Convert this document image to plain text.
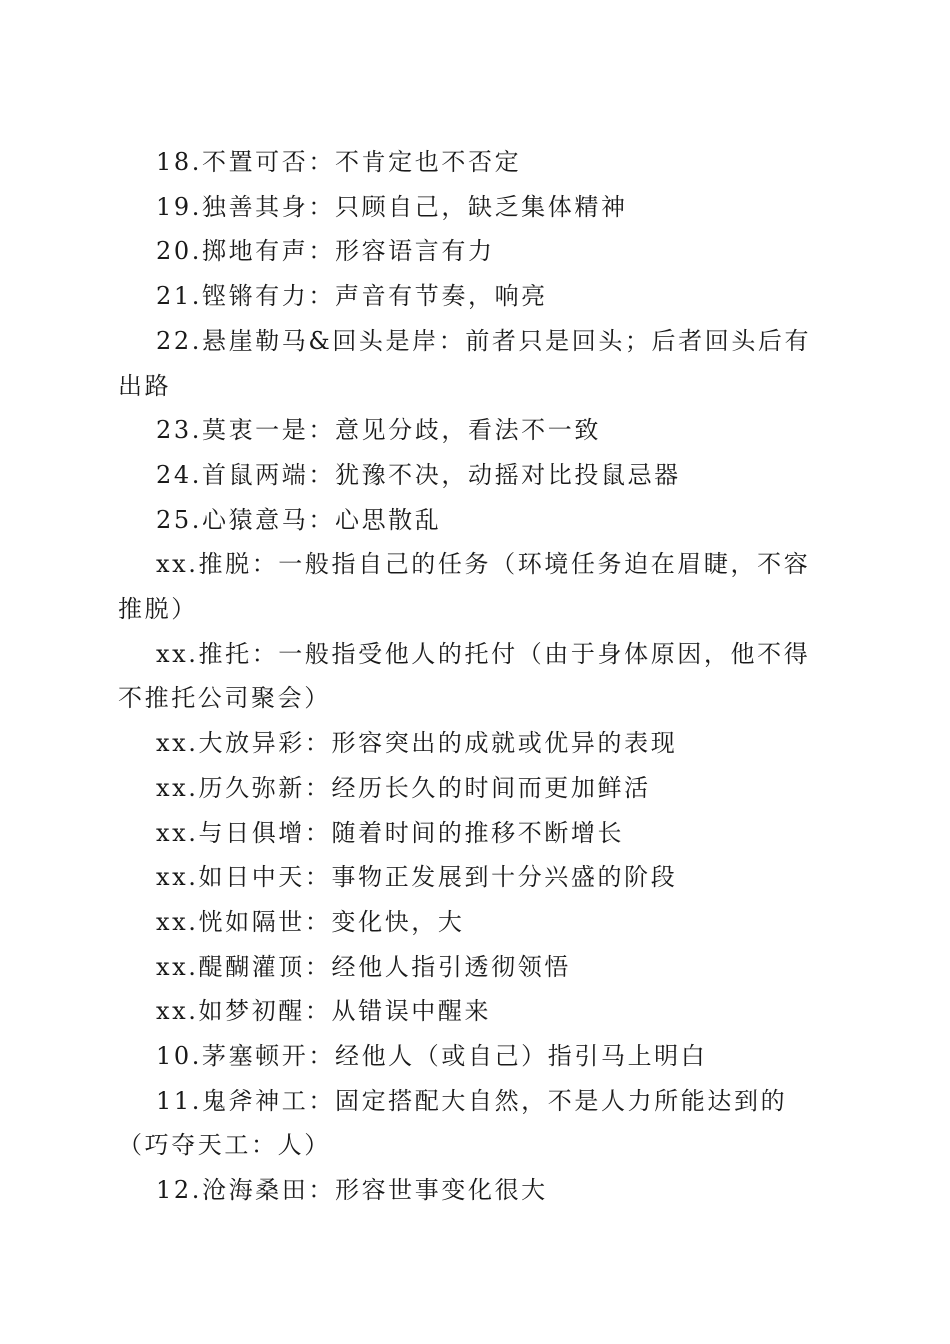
18.不置可否：不肯定也不否定

19.独善其身：只顾自己，缺乏集体精神

20.掷地有声：形容语言有力

21.铿锵有力：声音有节奏，响亮

22.悬崖勒马&回头是岸：前者只是回头；后者回头后有出路

23.莫衷一是：意见分歧，看法不一致

24.首鼠两端：犹豫不决，动摇对比投鼠忌器

25.心猿意马：心思散乱

xx.推脱：一般指自己的任务（环境任务迫在眉睫，不容推脱）

xx.推托：一般指受他人的托付（由于身体原因，他不得不推托公司聚会）

xx.大放异彩：形容突出的成就或优异的表现

xx.历久弥新：经历长久的时间而更加鲜活

xx.与日俱增：随着时间的推移不断增长

xx.如日中天：事物正发展到十分兴盛的阶段

xx.恍如隔世：变化快，大

xx.醍醐灌顶：经他人指引透彻领悟

xx.如梦初醒：从错误中醒来

10.茅塞顿开：经他人（或自己）指引马上明白

11.鬼斧神工：固定搭配大自然，不是人力所能达到的（巧夺天工：人）

12.沧海桑田：形容世事变化很大
